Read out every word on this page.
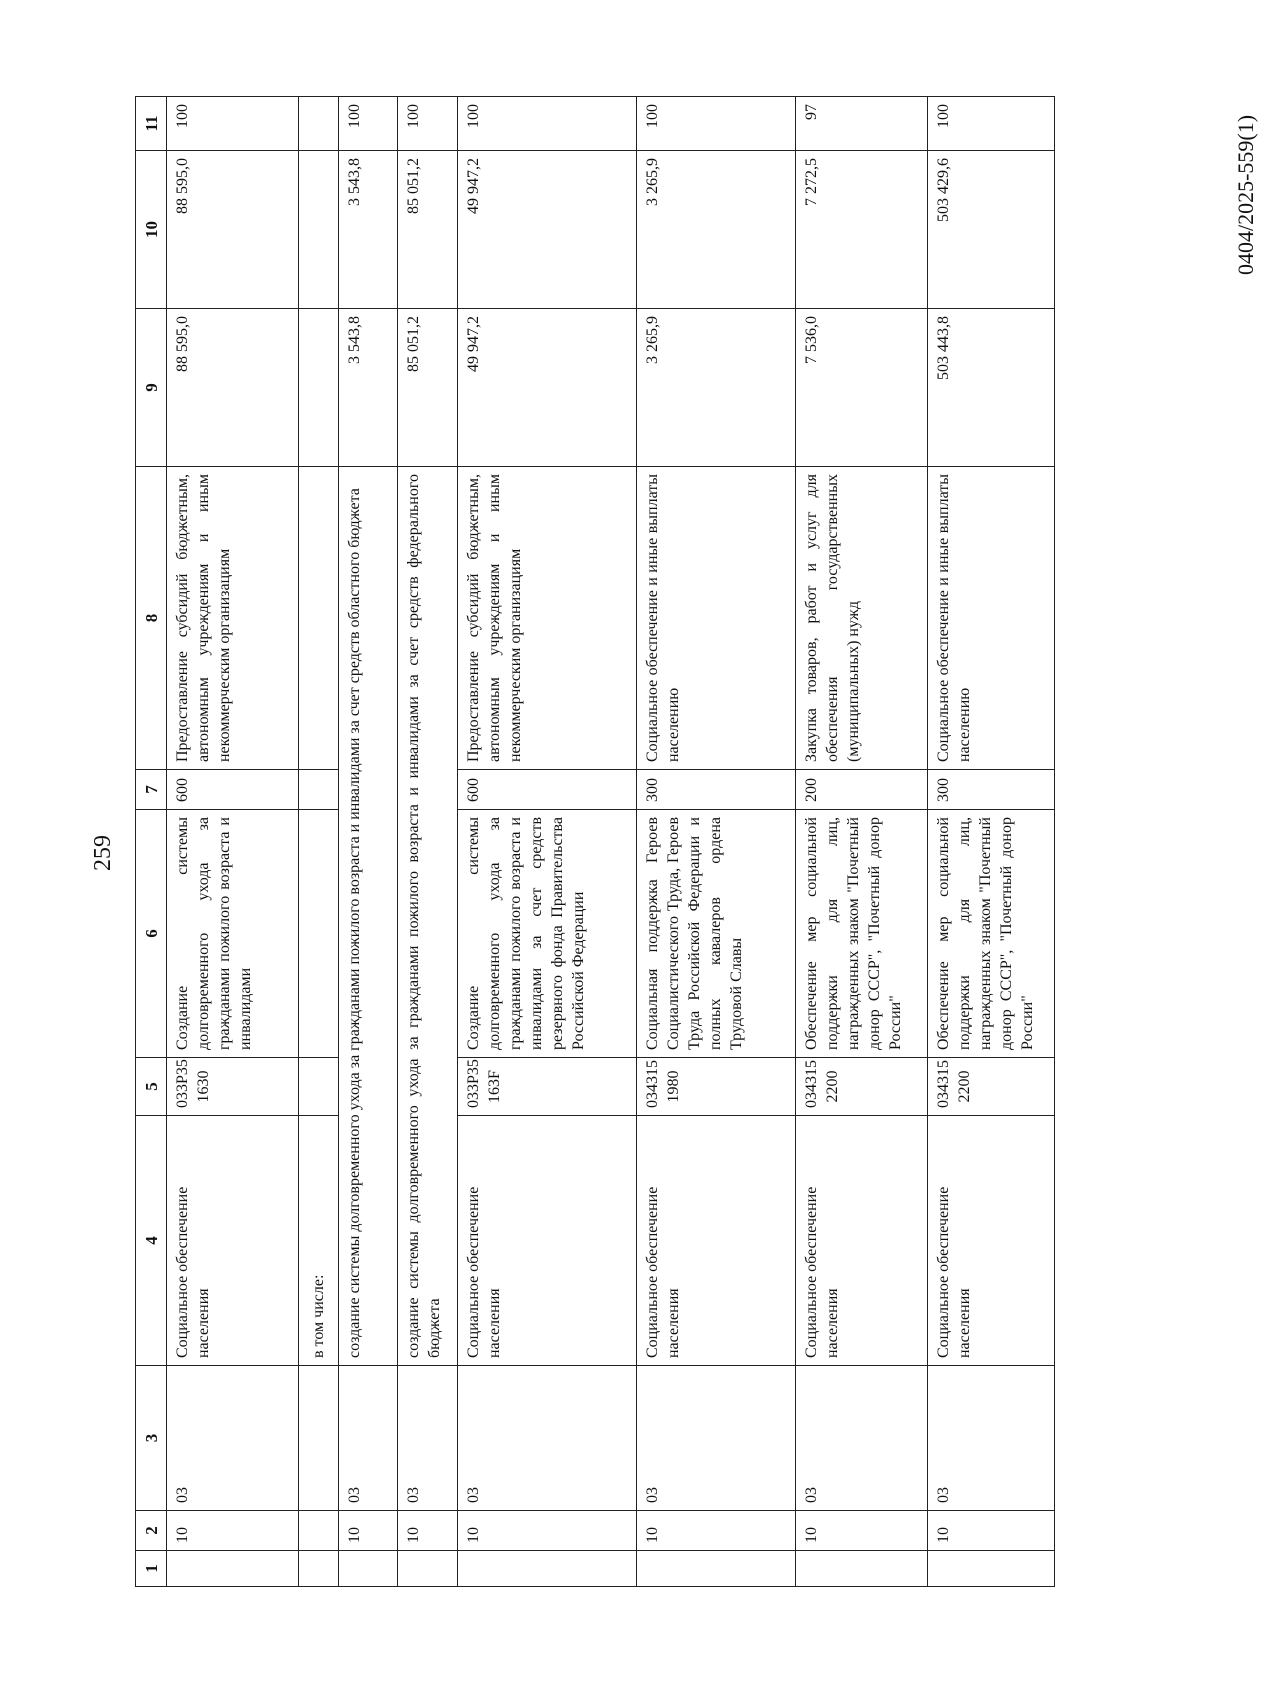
259
0404/2025-559(1)
1	2	3	4	5	6	7	8	9	10	11
	10	03	Социальное обеспечение населения	033Р35 1630	Создание системы долговременного ухода за гражданами пожилого возраста и инвалидами	600	Предоставление субсидий бюджетным, автономным учреждениям и иным некоммерческим организациям	88 595,0	88 595,0	100
			в том числе:							
	10	03	создание системы долговременного ухода за гражданами пожилого возраста и инвалидами за счет средств областного бюджета					3 543,8	3 543,8	100
	10	03	создание системы долговременного ухода за гражданами пожилого возраста и инвалидами за счет средств федерального бюджета					85 051,2	85 051,2	100
	10	03	Социальное обеспечение населения	033Р35 163F	Создание системы долговременного ухода за гражданами пожилого возраста и инвалидами за счет средств резервного фонда Правительства Российской Федерации	600	Предоставление субсидий бюджетным, автономным учреждениям и иным некоммерческим организациям	49 947,2	49 947,2	100
	10	03	Социальное обеспечение населения	034315 1980	Социальная поддержка Героев Социалистического Труда, Героев Труда Российской Федерации и полных кавалеров ордена Трудовой Славы	300	Социальное обеспечение и иные выплаты населению	3 265,9	3 265,9	100
	10	03	Социальное обеспечение населения	034315 2200	Обеспечение мер социальной поддержки для лиц, награжденных знаком "Почетный донор СССР", "Почетный донор России"	200	Закупка товаров, работ и услуг для обеспечения государственных (муниципальных) нужд	7 536,0	7 272,5	97
	10	03	Социальное обеспечение населения	034315 2200	Обеспечение мер социальной поддержки для лиц, награжденных знаком "Почетный донор СССР", "Почетный донор России"	300	Социальное обеспечение и иные выплаты населению	503 443,8	503 429,6	100
